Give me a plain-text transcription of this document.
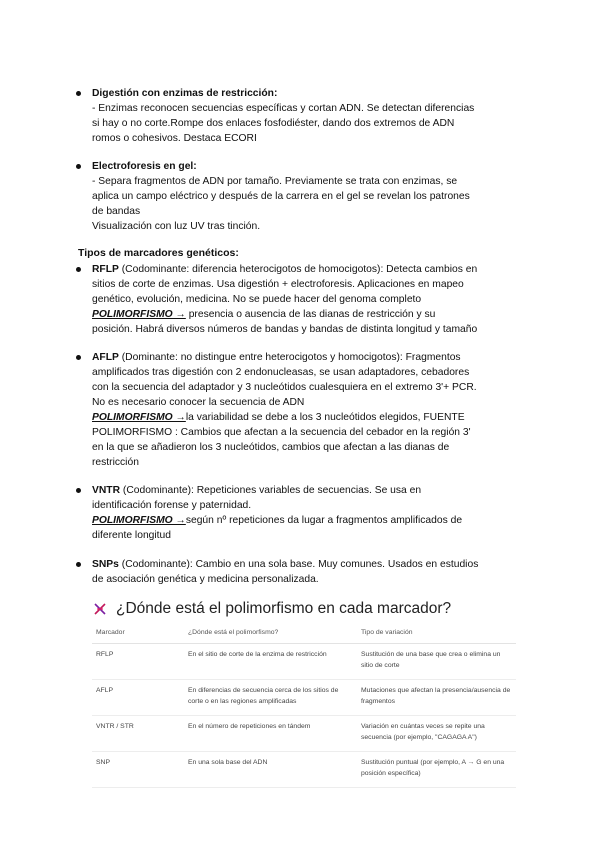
Digestión con enzimas de restricción:
- Enzimas reconocen secuencias específicas y cortan ADN. Se detectan diferencias
si hay o no corte.Rompe dos enlaces fosfodiéster, dando dos extremos de ADN
romos o cohesivos. Destaca ECORI
Electroforesis en gel:
- Separa fragmentos de ADN por tamaño. Previamente se trata con enzimas, se
aplica un campo eléctrico y después de la carrera en el gel se revelan los patrones
de bandas
Visualización con luz UV tras tinción.
Tipos de marcadores genéticos:
RFLP (Codominante: diferencia heterocigotos de homocigotos): Detecta cambios en
sitios de corte de enzimas. Usa digestión + electroforesis. Aplicaciones en mapeo
genético, evolución, medicina. No se puede hacer del genoma completo
POLIMORFISMO → presencia o ausencia de las dianas de restricción y su
posición. Habrá diversos números de bandas y bandas de distinta longitud y tamaño
AFLP (Dominante: no distingue entre heterocigotos y homocigotos): Fragmentos
amplificados tras digestión con 2 endonucleasas, se usan adaptadores, cebadores
con la secuencia del adaptador y 3 nucleótidos cualesquiera en el extremo 3'+ PCR.
No es necesario conocer la secuencia de ADN
POLIMORFISMO →la variabilidad se debe a los 3 nucleótidos elegidos, FUENTE
POLIMORFISMO : Cambios que afectan a la secuencia del cebador en la región 3'
en la que se añadieron los 3 nucleótidos, cambios que afectan a las dianas de
restricción
VNTR (Codominante): Repeticiones variables de secuencias. Se usa en
identificación forense y paternidad.
POLIMORFISMO →según nº repeticiones da lugar a fragmentos amplificados de
diferente longitud
SNPs (Codominante): Cambio en una sola base. Muy comunes. Usados en estudios
de asociación genética y medicina personalizada.
¿Dónde está el polimorfismo en cada marcador?
Marcador	¿Dónde está el polimorfismo?	Tipo de variación
RFLP	En el sitio de corte de la enzima de restricción	Sustitución de una base que crea o elimina un sitio de corte
AFLP	En diferencias de secuencia cerca de los sitios de corte o en las regiones amplificadas	Mutaciones que afectan la presencia/ausencia de fragmentos
VNTR / STR	En el número de repeticiones en tándem	Variación en cuántas veces se repite una secuencia (por ejemplo, "CAGAGA A")
SNP	En una sola base del ADN	Sustitución puntual (por ejemplo, A → G en una posición específica)
